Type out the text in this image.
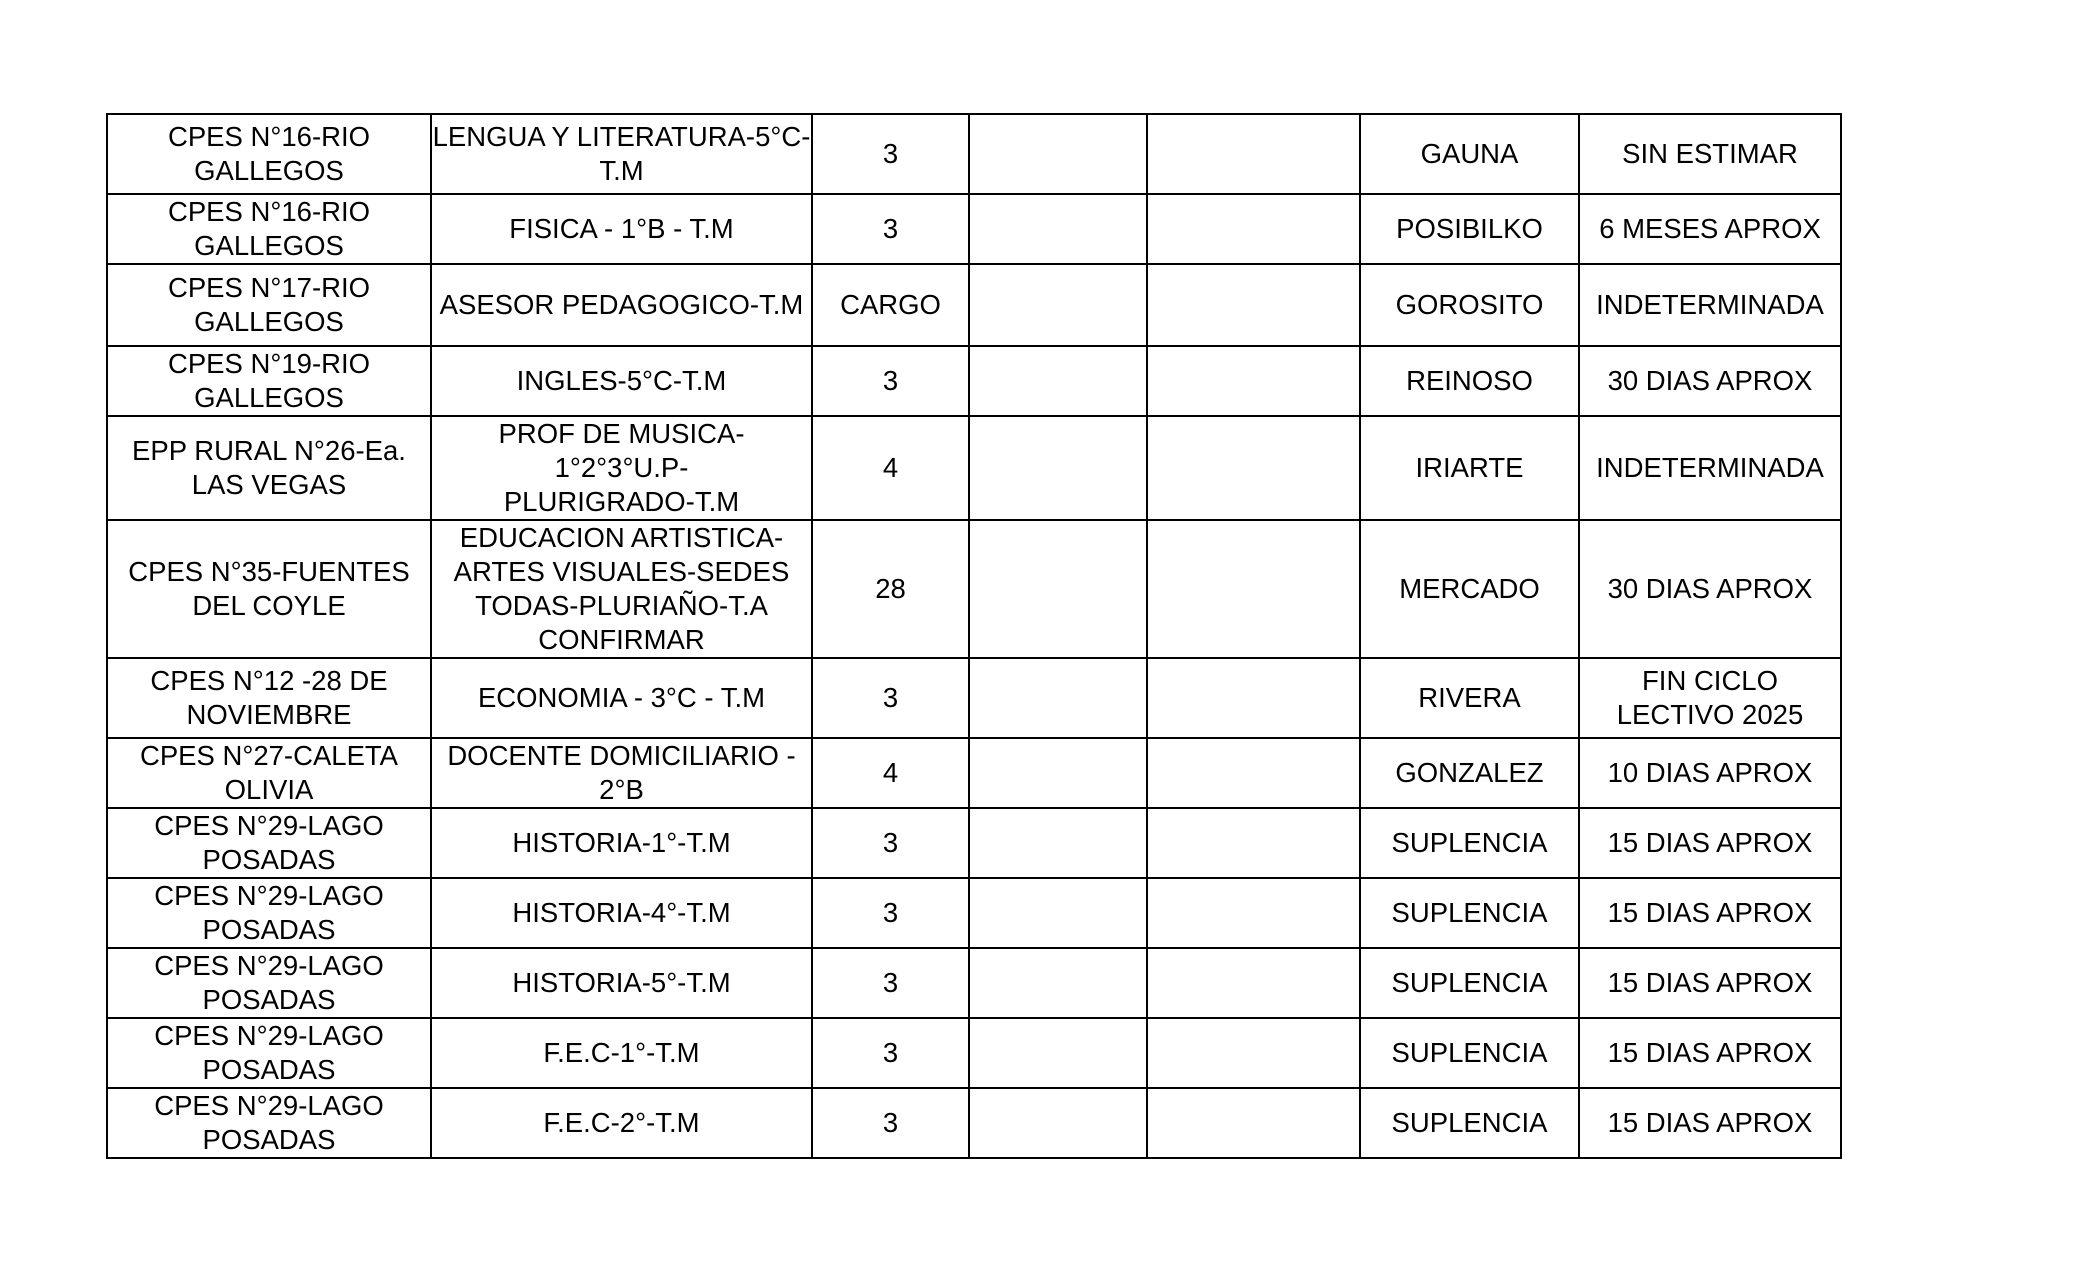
CPES N°16-RIO
GALLEGOS	LENGUA Y LITERATURA-5°C-
T.M	3			GAUNA	SIN ESTIMAR

CPES N°16-RIO
GALLEGOS	FISICA - 1°B - T.M	3			POSIBILKO	6 MESES APROX

CPES N°17-RIO
GALLEGOS	ASESOR PEDAGOGICO-T.M	CARGO			GOROSITO	INDETERMINADA

CPES N°19-RIO
GALLEGOS	INGLES-5°C-T.M	3			REINOSO	30 DIAS APROX

EPP RURAL N°26-Ea.
LAS VEGAS	PROF DE MUSICA-1°2°3°U.P-
PLURIGRADO-T.M	4			IRIARTE	INDETERMINADA

CPES N°35-FUENTES
DEL COYLE	EDUCACION ARTISTICA-
ARTES VISUALES-SEDES
TODAS-PLURIAÑO-T.A
CONFIRMAR	28			MERCADO	30 DIAS APROX

CPES N°12 -28 DE
NOVIEMBRE	ECONOMIA - 3°C - T.M	3			RIVERA	FIN CICLO
LECTIVO 2025

CPES N°27-CALETA
OLIVIA	DOCENTE DOMICILIARIO -
2°B	4			GONZALEZ	10 DIAS APROX

CPES N°29-LAGO
POSADAS	HISTORIA-1°-T.M	3			SUPLENCIA	15 DIAS APROX

CPES N°29-LAGO
POSADAS	HISTORIA-4°-T.M	3			SUPLENCIA	15 DIAS APROX

CPES N°29-LAGO
POSADAS	HISTORIA-5°-T.M	3			SUPLENCIA	15 DIAS APROX

CPES N°29-LAGO
POSADAS	F.E.C-1°-T.M	3			SUPLENCIA	15 DIAS APROX

CPES N°29-LAGO
POSADAS	F.E.C-2°-T.M	3			SUPLENCIA	15 DIAS APROX
